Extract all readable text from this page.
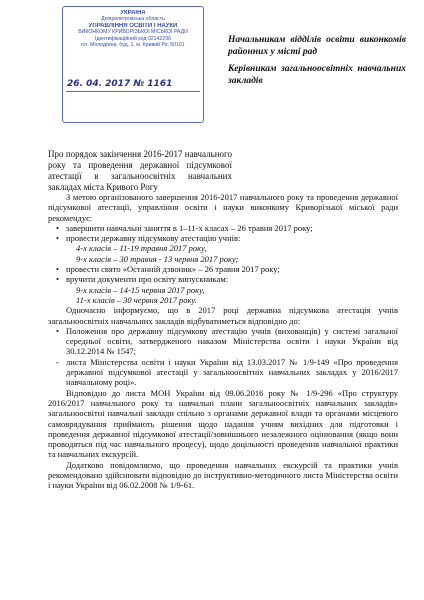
УКРАЇНА
Дніпропетровська область
УПРАВЛІННЯ ОСВІТИ І НАУКИ
ВИКОНКОМУ КРИВОРІЗЬКОЇ МІСЬКОЇ РАДИ
Ідентифікаційний код 02142296
пл. Молодіжна, буд. 1, м. Кривий Ріг, 50101
26. 04. 2017 № 1161

Начальникам відділів освіти виконкомів районних у місті рад

Керівникам загальноосвітніх навчальних закладів

Про порядок закінчення 2016-2017 навчального року та проведення державної підсумкової атестації в загальноосвітніх навчальних закладах міста Кривого Рогу

З метою організованого завершення 2016-2017 навчального року та проведення державної підсумкової атестації, управління освіти і науки виконкому Криворізької міської ради рекомендує:

• завершити навчальні заняття в 1–11-х класах – 26 травня 2017 року;
• провести державну підсумкову атестацію учнів:
4-х класів – 11-19 травня 2017 року,
9-х класів – 30 травня - 13 червня 2017 року;
• провести свято «Останній дзвоник» – 26 травня 2017 року;
• вручити документи про освіту випускникам:
9-х класів – 14-15 червня 2017 року,
11-х класів – 30 червня 2017 року.

Одночасно інформуємо, що в 2017 році державна підсумкова атестація учнів загальноосвітніх навчальних закладів відбуватиметься відповідно до:

• Положення про державну підсумкову атестацію учнів (вихованців) у системі загальної середньої освіти, затвердженого наказом Міністерства освіти і науки України від 30.12.2014 № 1547;
- листа Міністерства освіти і науки України від 13.03.2017 № 1/9-149 «Про проведення державної підсумкової атестації у загальноосвітніх навчальних закладах у 2016/2017 навчальному році».

Відповідно до листа МОН України від 09.06.2016 року № 1/9-296 «Про структуру 2016/2017 навчального року та навчальні плани загальноосвітніх навчальних закладів» загальноосвітні навчальні заклади спільно з органами державної влади та органами місцевого самоврядування приймають рішення щодо надання учням вихідних для підготовки і проведення державної підсумкової атестації/зовнішнього незалежного оцінювання (якщо вони проводяться під час навчального процесу), щодо доцільності проведення навчальної практики та навчальних екскурсій.

Додатково повідомляємо, що проведення навчальних екскурсій та практики учнів рекомендовано здійснювати відповідно до інструктивно-методичного листа Міністерства освіти і науки України від 06.02.2008 № 1/9-61.
